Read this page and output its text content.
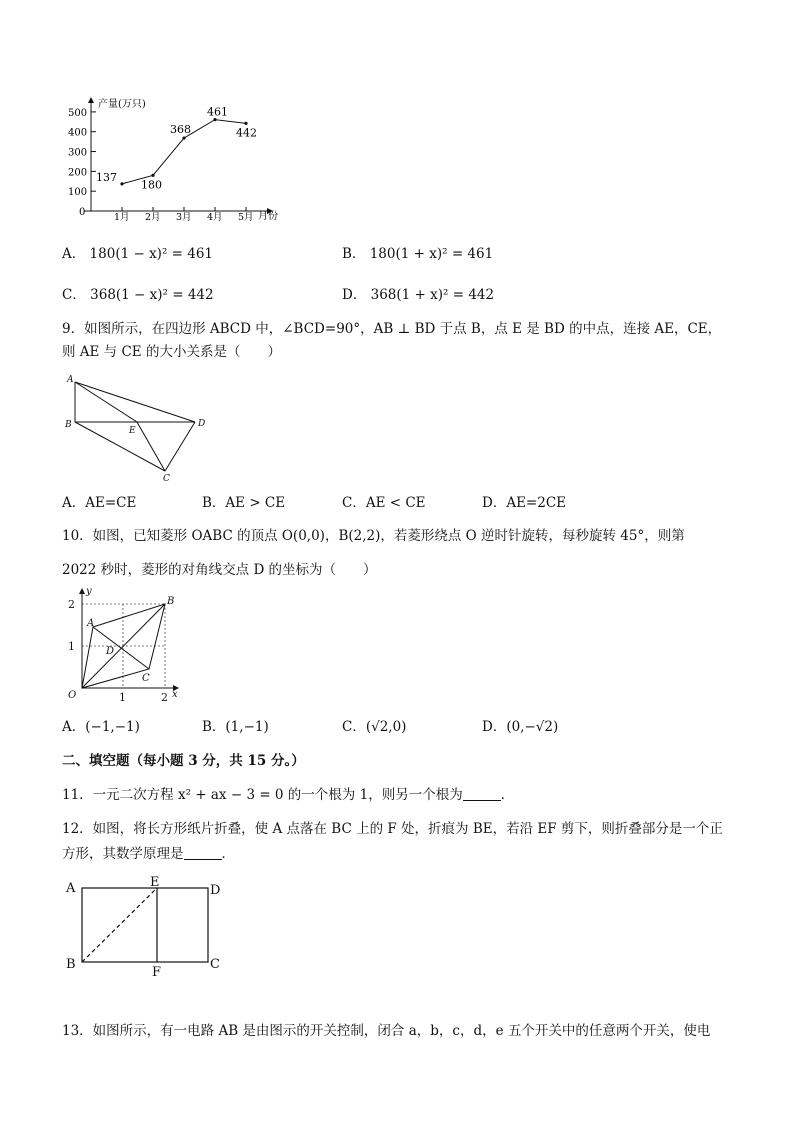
产量(万只)
月份
0
100
200
300
400
500
1月 2月 3月 4月 5月
137
180
368
461
442
A． 180(1 − x)² = 461	B． 180(1 + x)² = 461
C． 368(1 − x)² = 442	D． 368(1 + x)² = 442
9．如图所示，在四边形 ABCD 中，∠BCD=90°，AB ⊥ BD 于点 B，点 E 是 BD 的中点，连接 AE，CE，
则 AE 与 CE 的大小关系是（　　）
A
B
E
D
C
A．AE=CE	B．AE > CE	C．AE < CE	D．AE=2CE
10．如图，已知菱形 OABC 的顶点 O(0,0)，B(2,2)，若菱形绕点 O 逆时针旋转，每秒旋转 45°，则第
2022 秒时，菱形的对角线交点 D 的坐标为（　　）
y
x
O
A
B
C
D
2
1
1	2
A．(−1,−1)	B．(1,−1)	C．(√2,0)	D．(0,−√2)
二、填空题（每小题 3 分，共 15 分。）
11．一元二次方程 x² + ax − 3 = 0 的一个根为 1，则另一个根为	．
12．如图，将长方形纸片折叠，使 A 点落在 BC 上的 F 处，折痕为 BE，若沿 EF 剪下，则折叠部分是一个正
方形，其数学原理是	．
A	E
D
B
F
C
13．如图所示，有一电路 AB 是由图示的开关控制，闭合 a，b，c，d，e 五个开关中的任意两个开关，使电
